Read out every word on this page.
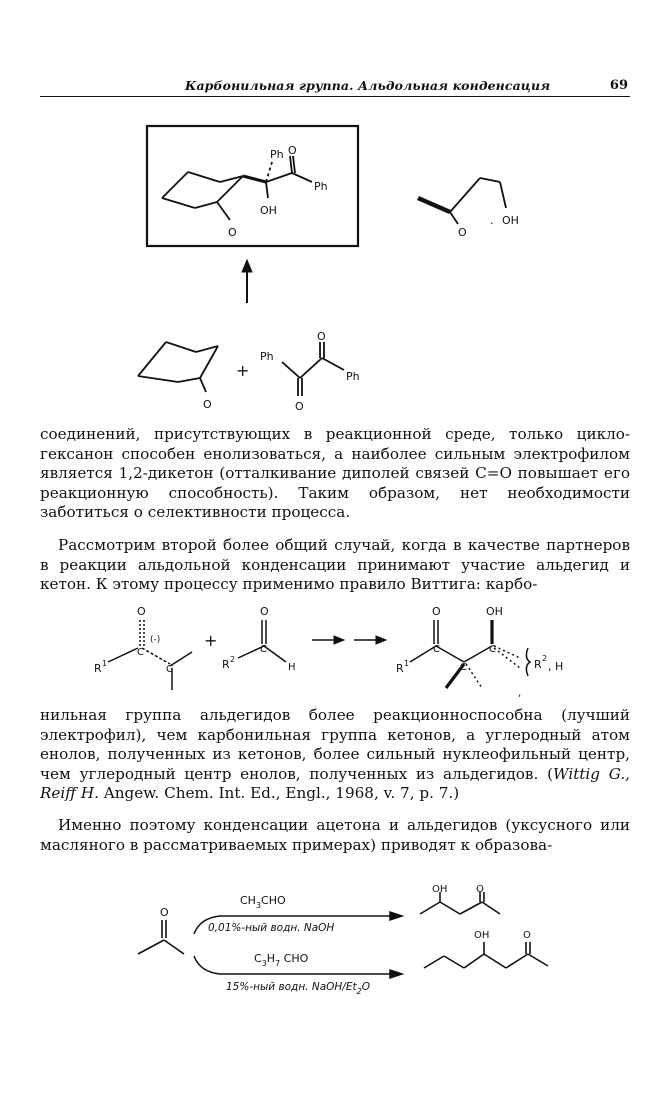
Карбонильная группа. Альдольная конденсация	69
Ph O
Ph
OH
O	O
. OH
O
+
Ph
O
Ph
O

соединений, присутствующих в реакционной среде, только циклогексанон способен енолизоваться, а наиболее сильным электрофилом является 1,2-дикетон (отталкивание диполей связей C=O повышает его реакционную способность). Таким образом, нет необходимости заботиться о селективности процесса.

Рассмотрим второй более общий случай, когда в качестве партнеров в реакции альдольной конденсации принимают участие альдегид и кетон. К этому процессу применимо правило Виттига: карбо-

O
(-)
R 1
C
C
+
O
R 2
C
H
O	OH
R 1
C
C
C
R 2
, H
,

нильная группа альдегидов более реакционноспособна (лучший электрофил), чем карбонильная группа кетонов, а углеродный атом енолов, полученных из кетонов, более сильный нуклеофильный центр, чем углеродный центр енолов, полученных из альдегидов. (Wittig G., Reiff H. Angew. Chem. Int. Ed., Engl., 1968, v. 7, p. 7.)

Именно поэтому конденсации ацетона и альдегидов (уксусного или масляного в рассматриваемых примерах) приводят к образова-

O
$CH_3CHO$
0,01%-ный водн. NaOH
$C_3H_7$ CHO
15%-ный водн. NaOH/$Et_2O$
OH	O
OH	O
